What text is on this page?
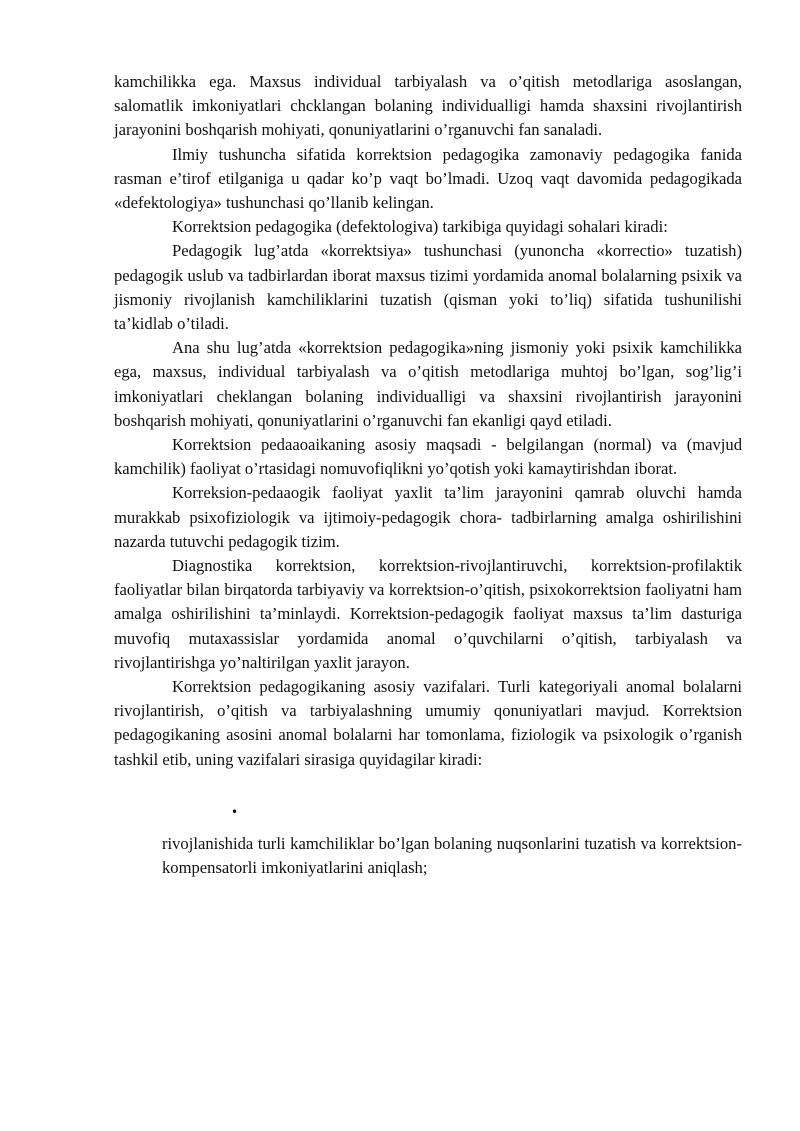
kamchilikka ega. Maxsus individual tarbiyalash va o’qitish metodlariga asoslangan, salomatlik imkoniyatlari chcklangan bolaning individualligi hamda shaxsini rivojlantirish jarayonini boshqarish mohiyati, qonuniyatlarini o’rganuvchi fan sanaladi.

Ilmiy tushuncha sifatida korrektsion pedagogika zamonaviy pedagogika fanida rasman e’tirof etilganiga u qadar ko’p vaqt bo’lmadi. Uzoq vaqt davomida pedagogikada «defektologiya» tushunchasi qo’llanib kelingan.

Korrektsion pedagogika (defektologiva) tarkibiga quyidagi sohalari kiradi:

Pedagogik lug’atda «korrektsiya» tushunchasi (yunoncha «korrectio» tuzatish) pedagogik uslub va tadbirlardan iborat maxsus tizimi yordamida anomal bolalarning psixik va jismoniy rivojlanish kamchiliklarini tuzatish (qisman yoki to’liq) sifatida tushunilishi ta’kidlab o’tiladi.

Ana shu lug’atda «korrektsion pedagogika»ning jismoniy yoki psixik kamchilikka ega, maxsus, individual tarbiyalash va o’qitish metodlariga muhtoj bo’lgan, sog’lig’i imkoniyatlari cheklangan bolaning individualligi va shaxsini rivojlantirish jarayonini boshqarish mohiyati, qonuniyatlarini o’rganuvchi fan ekanligi qayd etiladi.

Korrektsion pedaaoaikaning asosiy maqsadi - belgilangan (normal) va (mavjud kamchilik) faoliyat o’rtasidagi nomuvofiqlikni yo’qotish yoki kamaytirishdan iborat.

Korreksion-pedaaogik faoliyat yaxlit ta’lim jarayonini qamrab oluvchi hamda murakkab psixofiziologik va ijtimoiy-pedagogik chora- tadbirlarning amalga oshirilishini nazarda tutuvchi pedagogik tizim.

Diagnostika korrektsion, korrektsion-rivojlantiruvchi, korrektsion-profilaktik faoliyatlar bilan birqatorda tarbiyaviy va korrektsion-o’qitish, psixokorrektsion faoliyatni ham amalga oshirilishini ta’minlaydi. Korrektsion-pedagogik faoliyat maxsus ta’lim dasturiga muvofiq mutaxassislar yordamida anomal o’quvchilarni o’qitish, tarbiyalash va rivojlantirishga yo’naltirilgan yaxlit jarayon.

Korrektsion pedagogikaning asosiy vazifalari. Turli kategoriyali anomal bolalarni rivojlantirish, o’qitish va tarbiyalashning umumiy qonuniyatlari mavjud. Korrektsion pedagogikaning asosini anomal bolalarni har tomonlama, fiziologik va psixologik o’rganish tashkil etib, uning vazifalari sirasiga quyidagilar kiradi:

•
rivojlanishida turli kamchiliklar bo’lgan bolaning nuqsonlarini tuzatish va korrektsion-kompensatorli imkoniyatlarini aniqlash;
